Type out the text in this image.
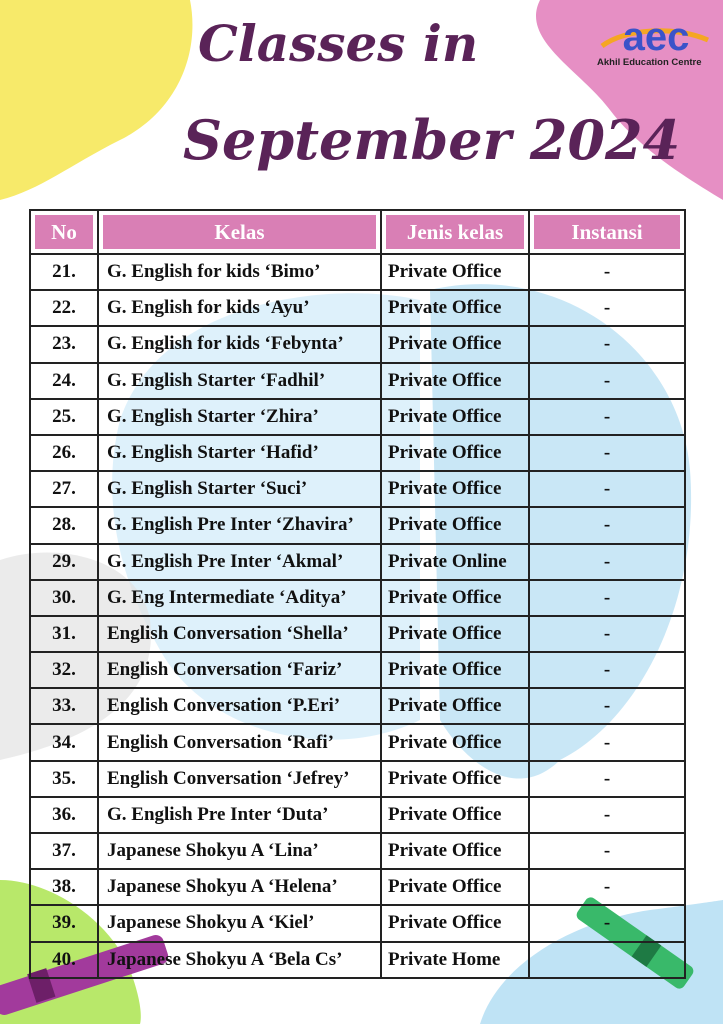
Classes in
September 2024
aec
Akhil Education Centre
No	Kelas	Jenis kelas	Instansi
21.	G. English for kids ‘Bimo’	Private Office	-
22.	G. English for kids ‘Ayu’	Private Office	-
23.	G. English for kids ‘Febynta’	Private Office	-
24.	G. English Starter ‘Fadhil’	Private Office	-
25.	G. English Starter ‘Zhira’	Private Office	-
26.	G. English Starter ‘Hafid’	Private Office	-
27.	G. English Starter ‘Suci’	Private Office	-
28.	G. English Pre Inter ‘Zhavira’	Private Office	-
29.	G. English Pre Inter ‘Akmal’	Private Online	-
30.	G. Eng Intermediate ‘Aditya’	Private Office	-
31.	English Conversation ‘Shella’	Private Office	-
32.	English Conversation ‘Fariz’	Private Office	-
33.	English Conversation ‘P.Eri’	Private Office	-
34.	English Conversation ‘Rafi’	Private Office	-
35.	English Conversation ‘Jefrey’	Private Office	-
36.	G. English Pre Inter ‘Duta’	Private Office	-
37.	Japanese Shokyu A ‘Lina’	Private Office	-
38.	Japanese Shokyu A ‘Helena’	Private Office	-
39.	Japanese Shokyu A ‘Kiel’	Private Office	-
40.	Japanese Shokyu A ‘Bela Cs’	Private Home
